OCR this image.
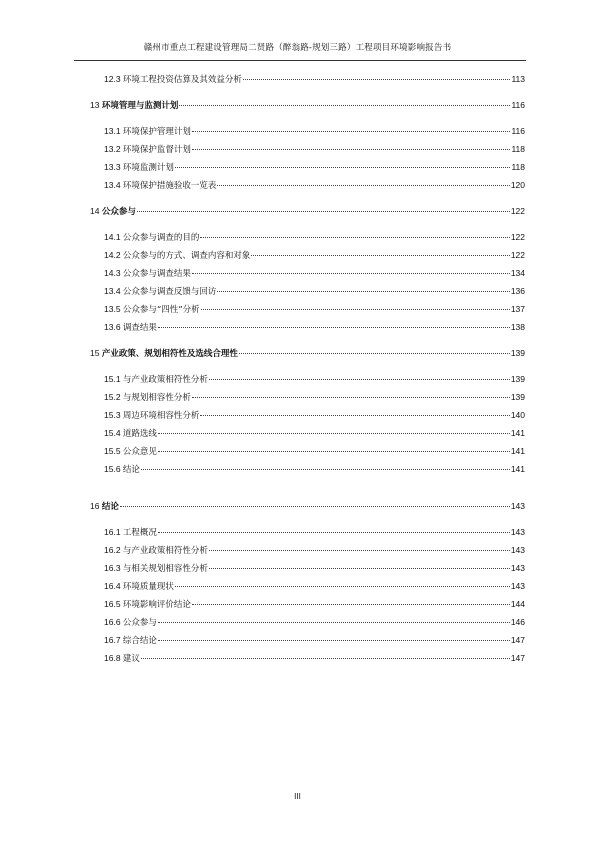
赣州市重点工程建设管理局二贤路（醉翁路-规划三路）工程项目环境影响报告书
12.3 环境工程投资估算及其效益分析	113
13 环境管理与监测计划	116
13.1 环境保护管理计划	116
13.2 环境保护监督计划	118
13.3 环境监测计划	118
13.4 环境保护措施验收一览表	120
14 公众参与	122
14.1 公众参与调查的目的	122
14.2 公众参与的方式、调查内容和对象	122
14.3 公众参与调查结果	134
13.4 公众参与调查反馈与回访	136
13.5 公众参与“四性”分析	137
13.6 调查结果	138
15 产业政策、规划相符性及选线合理性	139
15.1 与产业政策相符性分析	139
15.2 与规划相容性分析	139
15.3 周边环境相容性分析	140
15.4 道路选线	141
15.5 公众意见	141
15.6 结论	141
16 结论	143
16.1 工程概况	143
16.2 与产业政策相符性分析	143
16.3 与相关规划相容性分析	143
16.4 环境质量现状	143
16.5 环境影响评价结论	144
16.6 公众参与	146
16.7 综合结论	147
16.8 建议	147
III
